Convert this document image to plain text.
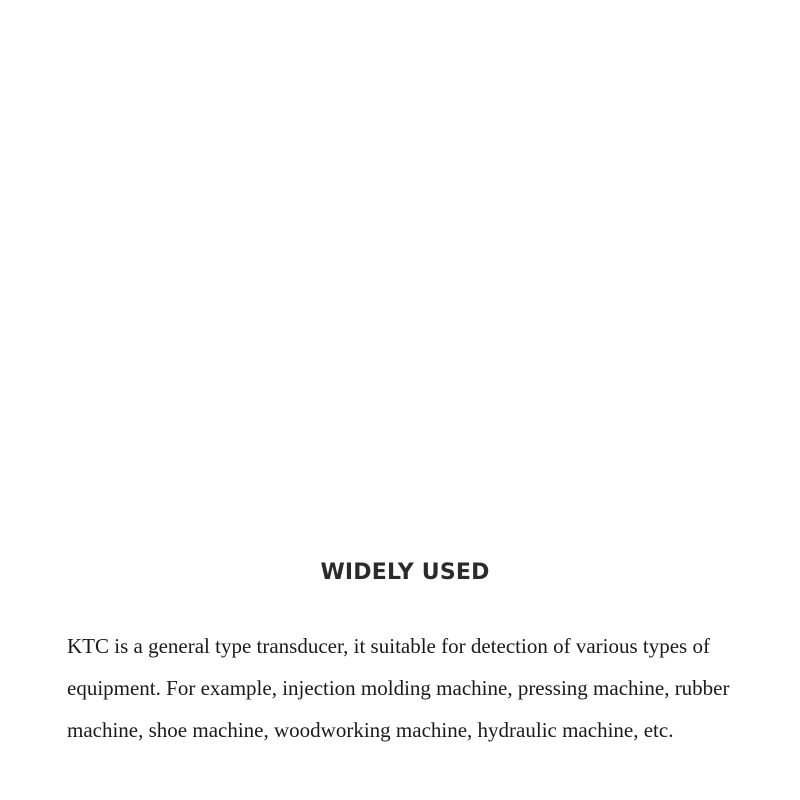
WIDELY USED

KTC is a general type transducer, it suitable for detection of various types of equipment. For example, injection molding machine, pressing machine, rubber machine, shoe machine, woodworking machine, hydraulic machine, etc.
